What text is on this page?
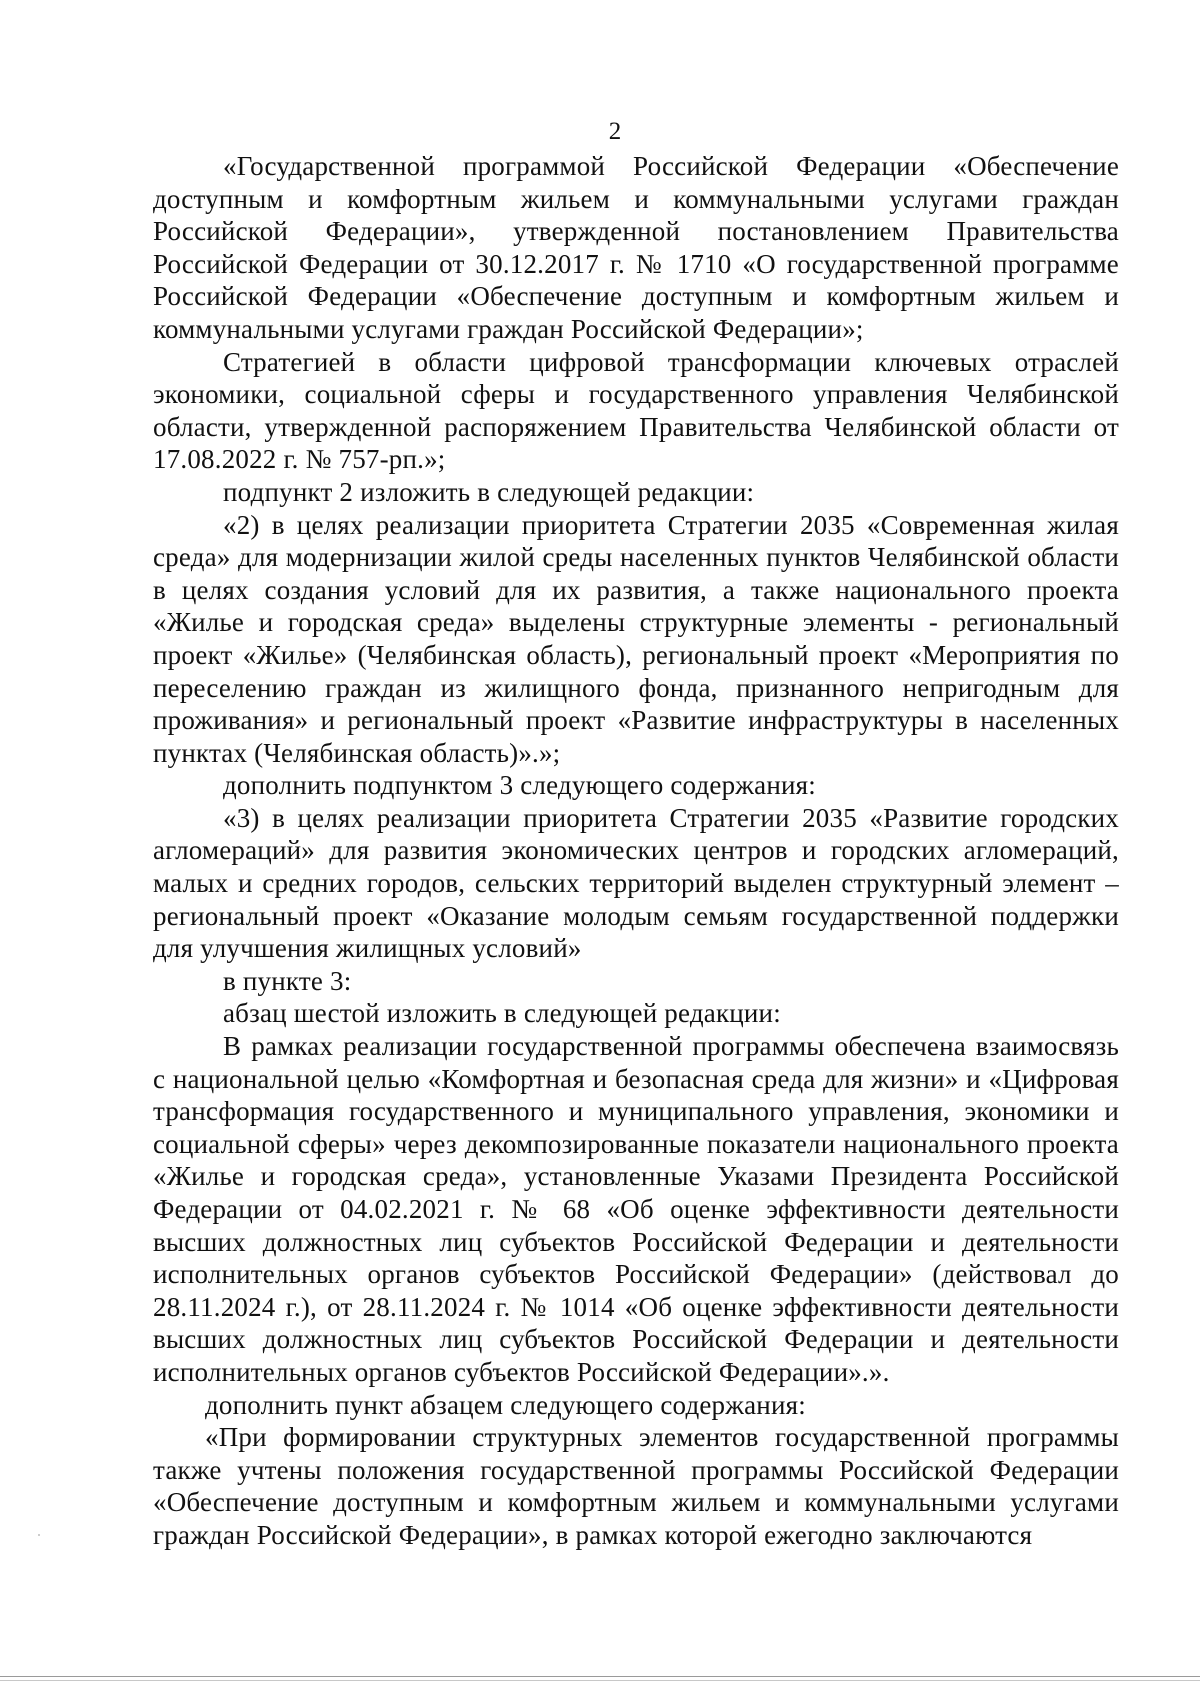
2

«Государственной программой Российской Федерации «Обеспечение доступным и комфортным жильем и коммунальными услугами граждан Российской Федерации», утвержденной постановлением Правительства Российской Федерации от 30.12.2017 г. № 1710 «О государственной программе Российской Федерации «Обеспечение доступным и комфортным жильем и коммунальными услугами граждан Российской Федерации»;

Стратегией в области цифровой трансформации ключевых отраслей экономики, социальной сферы и государственного управления Челябинской области, утвержденной распоряжением Правительства Челябинской области от 17.08.2022 г. № 757-рп.»;

подпункт 2 изложить в следующей редакции:

«2) в целях реализации приоритета Стратегии 2035 «Современная жилая среда» для модернизации жилой среды населенных пунктов Челябинской области в целях создания условий для их развития, а также национального проекта «Жилье и городская среда» выделены структурные элементы - региональный проект «Жилье» (Челябинская область), региональный проект «Мероприятия по переселению граждан из жилищного фонда, признанного непригодным для проживания» и региональный проект «Развитие инфраструктуры в населенных пунктах (Челябинская область)».»;

дополнить подпунктом 3 следующего содержания:

«3) в целях реализации приоритета Стратегии 2035 «Развитие городских агломераций» для развития экономических центров и городских агломераций, малых и средних городов, сельских территорий выделен структурный элемент – региональный проект «Оказание молодым семьям государственной поддержки для улучшения жилищных условий»

в пункте 3:

абзац шестой изложить в следующей редакции:

В рамках реализации государственной программы обеспечена взаимосвязь с национальной целью «Комфортная и безопасная среда для жизни» и «Цифровая трансформация государственного и муниципального управления, экономики и социальной сферы» через декомпозированные показатели национального проекта «Жилье и городская среда», установленные Указами Президента Российской Федерации от 04.02.2021 г. № 68 «Об оценке эффективности деятельности высших должностных лиц субъектов Российской Федерации и деятельности исполнительных органов субъектов Российской Федерации» (действовал до 28.11.2024 г.), от 28.11.2024 г. № 1014 «Об оценке эффективности деятельности высших должностных лиц субъектов Российской Федерации и деятельности исполнительных органов субъектов Российской Федерации».».

дополнить пункт абзацем следующего содержания:

«При формировании структурных элементов государственной программы также учтены положения государственной программы Российской Федерации «Обеспечение доступным и комфортным жильем и коммунальными услугами граждан Российской Федерации», в рамках которой ежегодно заключаются
